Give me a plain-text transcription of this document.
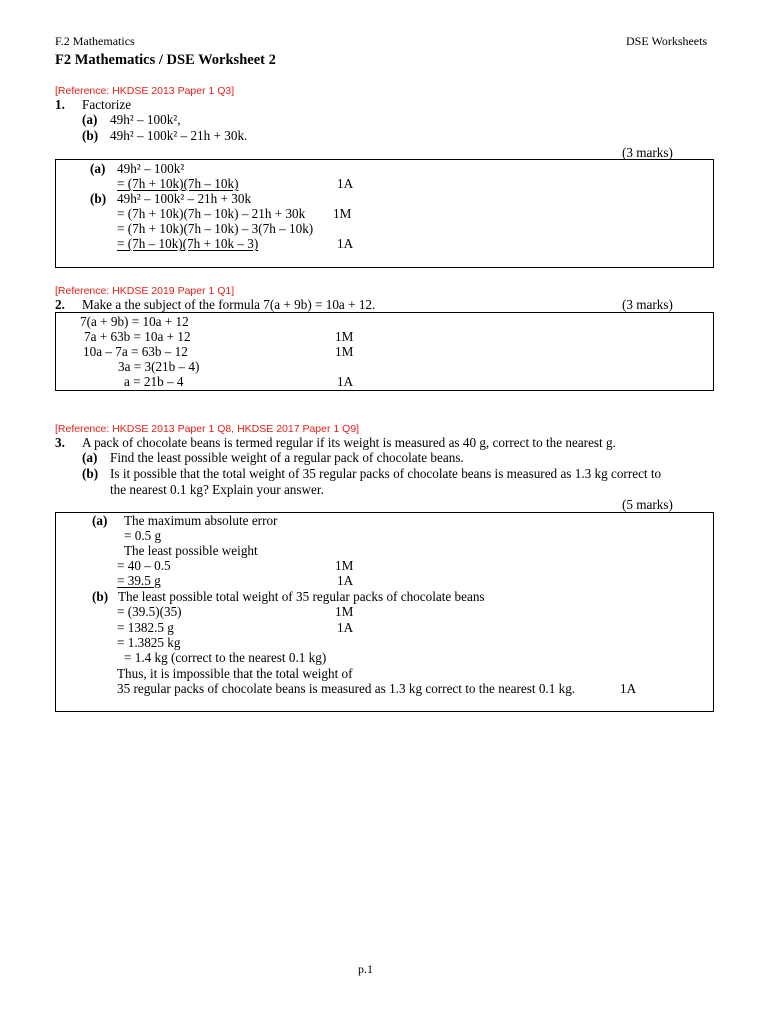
F.2 Mathematics	DSE Worksheets
F2 Mathematics / DSE Worksheet 2
[Reference: HKDSE 2013 Paper 1 Q3]
1. Factorize
(a) 49h² – 100k²,
(b) 49h² – 100k² – 21h + 30k.
(3 marks)
(a) 49h² – 100k²
= (7h + 10k)(7h – 10k)	1A
(b) 49h² – 100k² – 21h + 30k
= (7h + 10k)(7h – 10k) – 21h + 30k 1M
= (7h + 10k)(7h – 10k) – 3(7h – 10k)
= (7h – 10k)(7h + 10k – 3)	1A
[Reference: HKDSE 2019 Paper 1 Q1]
2. Make a the subject of the formula 7(a + 9b) = 10a + 12.	(3 marks)
7(a + 9b) = 10a + 12
7a + 63b = 10a + 12	1M
10a – 7a = 63b – 12	1M
3a = 3(21b – 4)
a = 21b – 4	1A
[Reference: HKDSE 2013 Paper 1 Q8, HKDSE 2017 Paper 1 Q9]
3. A pack of chocolate beans is termed regular if its weight is measured as 40 g, correct to the nearest g.
(a) Find the least possible weight of a regular pack of chocolate beans.
(b) Is it possible that the total weight of 35 regular packs of chocolate beans is measured as 1.3 kg correct to
the nearest 0.1 kg? Explain your answer.
(5 marks)
(a) The maximum absolute error
= 0.5 g
The least possible weight
= 40 – 0.5	1M
= 39.5 g	1A
(b) The least possible total weight of 35 regular packs of chocolate beans
= (39.5)(35)	1M
= 1382.5 g	1A
= 1.3825 kg
= 1.4 kg (correct to the nearest 0.1 kg)
Thus, it is impossible that the total weight of
35 regular packs of chocolate beans is measured as 1.3 kg correct to the nearest 0.1 kg.	1A
p.1
